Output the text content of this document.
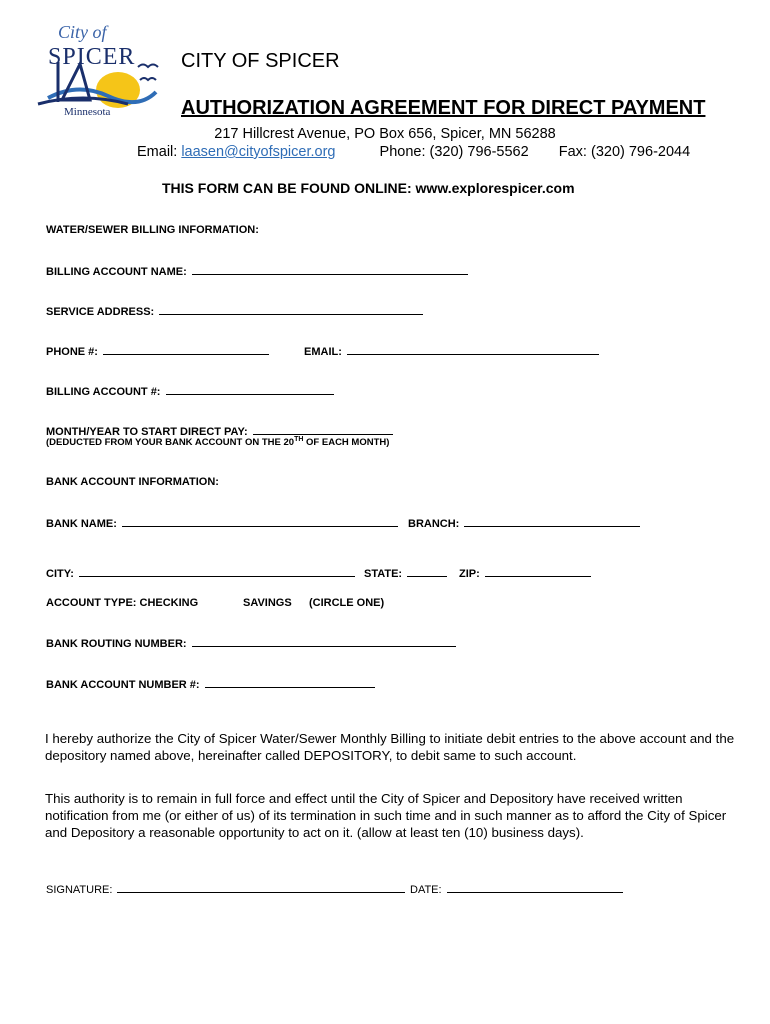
City of
SPICER
Minnesota
CITY OF SPICER
AUTHORIZATION AGREEMENT FOR DIRECT PAYMENT
217 Hillcrest Avenue, PO Box 656, Spicer, MN 56288
Email: laasen@cityofspicer.org	Phone: (320) 796-5562 Fax: (320) 796-2044
THIS FORM CAN BE FOUND ONLINE: www.explorespicer.com
WATER/SEWER BILLING INFORMATION:
BILLING ACCOUNT NAME:
SERVICE ADDRESS:
PHONE #:	EMAIL:
BILLING ACCOUNT #:
MONTH/YEAR TO START DIRECT PAY:
(DEDUCTED FROM YOUR BANK ACCOUNT ON THE 20TH OF EACH MONTH)
BANK ACCOUNT INFORMATION:
BANK NAME:	BRANCH:
CITY:	STATE:	ZIP:
ACCOUNT TYPE: CHECKING	SAVINGS (CIRCLE ONE)
BANK ROUTING NUMBER:
BANK ACCOUNT NUMBER #:
I hereby authorize the City of Spicer Water/Sewer Monthly Billing to initiate debit entries to the above account and the depository named above, hereinafter called DEPOSITORY, to debit same to such account.
This authority is to remain in full force and effect until the City of Spicer and Depository have received written notification from me (or either of us) of its termination in such time and in such manner as to afford the City of Spicer and Depository a reasonable opportunity to act on it. (allow at least ten (10) business days).
SIGNATURE:	DATE:
